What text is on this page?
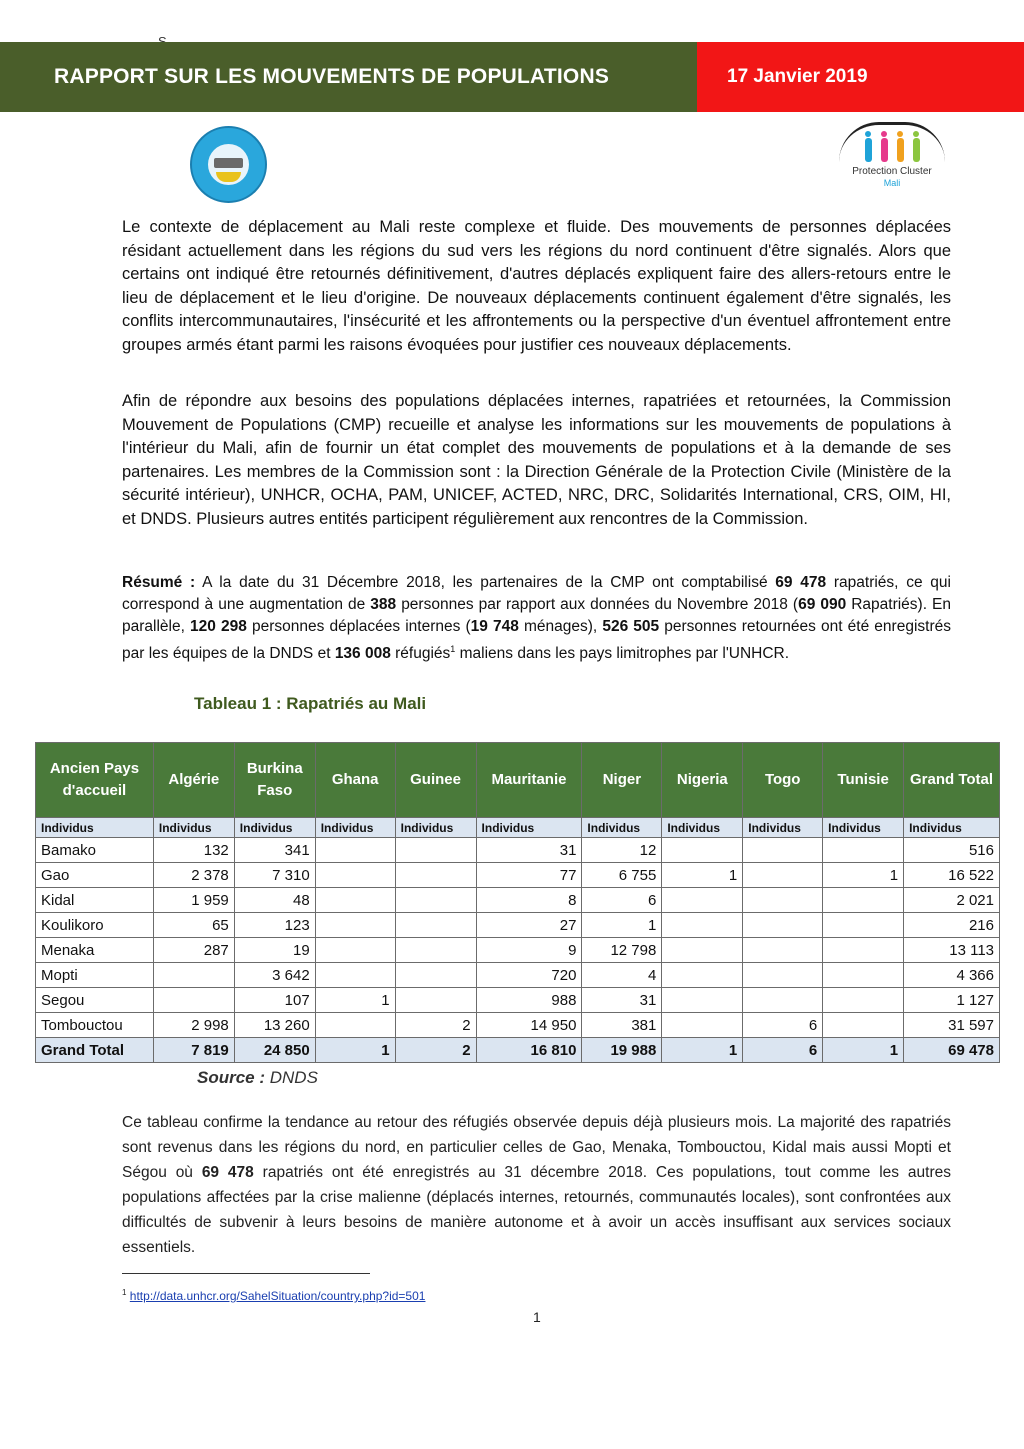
RAPPORT SUR LES MOUVEMENTS DE POPULATIONS	17 Janvier 2019
Protection Cluster
Mali

Le contexte de déplacement au Mali reste complexe et fluide. Des mouvements de personnes déplacées résidant actuellement dans les régions du sud vers les régions du nord continuent d'être signalés. Alors que certains ont indiqué être retournés définitivement, d'autres déplacés expliquent faire des allers-retours entre le lieu de déplacement et le lieu d'origine. De nouveaux déplacements continuent également d'être signalés, les conflits intercommunautaires, l'insécurité et les affrontements ou la perspective d'un éventuel affrontement entre groupes armés étant parmi les raisons évoquées pour justifier ces nouveaux déplacements.

Afin de répondre aux besoins des populations déplacées internes, rapatriées et retournées, la Commission Mouvement de Populations (CMP) recueille et analyse les informations sur les mouvements de populations à l'intérieur du Mali, afin de fournir un état complet des mouvements de populations et à la demande de ses partenaires. Les membres de la Commission sont : la Direction Générale de la Protection Civile (Ministère de la sécurité intérieur), UNHCR, OCHA, PAM, UNICEF, ACTED, NRC, DRC, Solidarités International, CRS, OIM, HI, et DNDS. Plusieurs autres entités participent régulièrement aux rencontres de la Commission.

Résumé : A la date du 31 Décembre 2018, les partenaires de la CMP ont comptabilisé 69 478 rapatriés, ce qui correspond à une augmentation de 388 personnes par rapport aux données du Novembre 2018 (69 090 Rapatriés). En parallèle, 120 298 personnes déplacées internes (19 748 ménages), 526 505 personnes retournées ont été enregistrés par les équipes de la DNDS et 136 008 réfugiés$^1$ maliens dans les pays limitrophes par l'UNHCR.

Tableau 1 : Rapatriés au Mali
Ancien Pays d'accueil	Algérie	Burkina Faso	Ghana	Guinee	Mauritanie	Niger	Nigeria	Togo	Tunisie	Grand Total
Individus	Individus	Individus	Individus	Individus	Individus	Individus	Individus	Individus	Individus	Individus
Bamako	132	341			31	12				516
Gao	2 378	7 310			77	6 755	1		1	16 522
Kidal	1 959	48			8	6				2 021
Koulikoro	65	123			27	1				216
Menaka	287	19			9	12 798				13 113
Mopti		3 642			720	4				4 366
Segou		107	1		988	31				1 127
Tombouctou	2 998	13 260		2	14 950	381		6		31 597
Grand Total	7 819	24 850	1	2	16 810	19 988	1	6	1	69 478
Source : DNDS

Ce tableau confirme la tendance au retour des réfugiés observée depuis déjà plusieurs mois. La majorité des rapatriés sont revenus dans les régions du nord, en particulier celles de Gao, Menaka, Tombouctou, Kidal mais aussi Mopti et Ségou où 69 478 rapatriés ont été enregistrés au 31 décembre 2018. Ces populations, tout comme les autres populations affectées par la crise malienne (déplacés internes, retournés, communautés locales), sont confrontées aux difficultés de subvenir à leurs besoins de manière autonome et à avoir un accès insuffisant aux services sociaux essentiels.

$^1$ http://data.unhcr.org/SahelSituation/country.php?id=501
1
